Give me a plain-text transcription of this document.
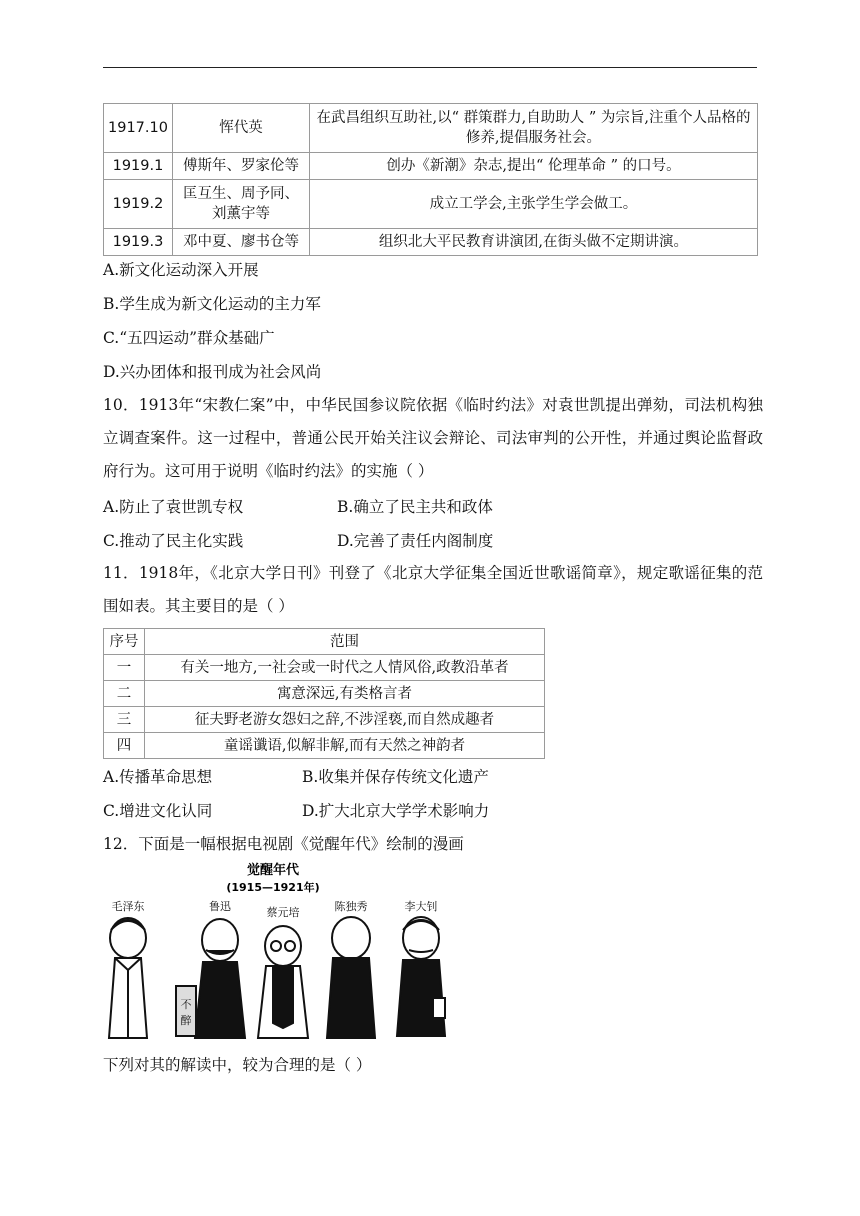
1917.10	恽代英	在武昌组织互助社,以“ 群策群力,自助助人 ” 为宗旨,注重个人品格的修养,提倡服务社会。
1919.1	傅斯年、罗家伦等	创办《新潮》杂志,提出“ 伦理革命 ” 的口号。
1919.2	匡互生、周予同、刘薰宇等	成立工学会,主张学生学会做工。
1919.3	邓中夏、廖书仓等	组织北大平民教育讲演团,在街头做不定期讲演。
A.新文化运动深入开展
B.学生成为新文化运动的主力军
C.“五四运动”群众基础广
D.兴办团体和报刊成为社会风尚
10．1913年“宋教仁案”中，中华民国参议院依据《临时约法》对袁世凯提出弹劾，司法机构独立调查案件。这一过程中，普通公民开始关注议会辩论、司法审判的公开性，并通过舆论监督政府行为。这可用于说明《临时约法》的实施（ ）
A.防止了袁世凯专权	B.确立了民主共和政体
C.推动了民主化实践	D.完善了责任内阁制度
11．1918年，《北京大学日刊》刊登了《北京大学征集全国近世歌谣简章》，规定歌谣征集的范围如表。其主要目的是（ ）
序号	范围
一	有关一地方,一社会或一时代之人情风俗,政教沿革者
二	寓意深远,有类格言者
三	征夫野老游女怨妇之辞,不涉淫亵,而自然成趣者
四	童谣谶语,似解非解,而有天然之神韵者
A.传播革命思想	B.收集并保存传统文化遗产
C.增进文化认同	D.扩大北京大学学术影响力
12．下面是一幅根据电视剧《觉醒年代》绘制的漫画
觉醒年代
(1915—1921年)
毛泽东	鲁迅
不
醉
蔡元培	陈独秀	李大钊
下列对其的解读中，较为合理的是（ ）
